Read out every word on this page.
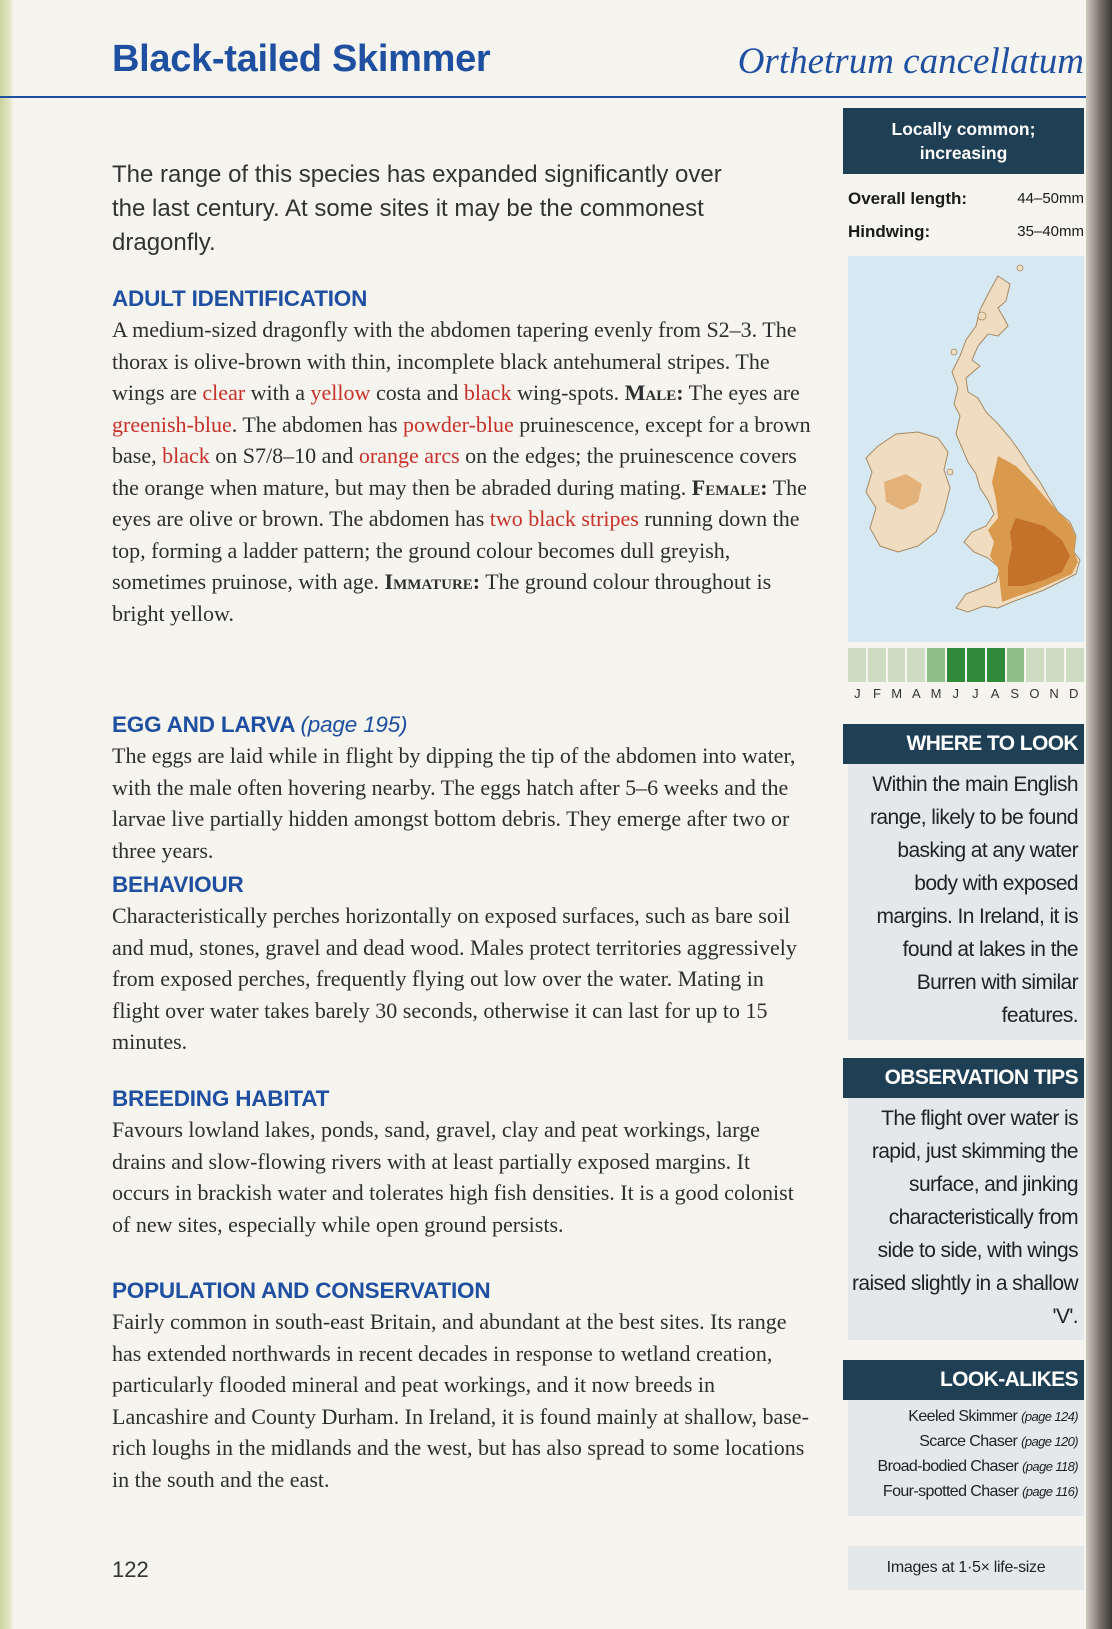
Black-tailed Skimmer	Orthetrum cancellatum

The range of this species has expanded significantly over the last century. At some sites it may be the commonest dragonfly.

ADULT IDENTIFICATION

A medium-sized dragonfly with the abdomen tapering evenly from S2–3. The thorax is olive-brown with thin, incomplete black antehumeral stripes. The wings are clear with a yellow costa and black wing-spots. Male: The eyes are greenish-blue. The abdomen has powder-blue pruinescence, except for a brown base, black on S7/8–10 and orange arcs on the edges; the pruinescence covers the orange when mature, but may then be abraded during mating. Female: The eyes are olive or brown. The abdomen has two black stripes running down the top, forming a ladder pattern; the ground colour becomes dull greyish, sometimes pruinose, with age. Immature: The ground colour throughout is bright yellow.

EGG AND LARVA (page 195)

The eggs are laid while in flight by dipping the tip of the abdomen into water, with the male often hovering nearby. The eggs hatch after 5–6 weeks and the larvae live partially hidden amongst bottom debris. They emerge after two or three years.

BEHAVIOUR

Characteristically perches horizontally on exposed surfaces, such as bare soil and mud, stones, gravel and dead wood. Males protect territories aggressively from exposed perches, frequently flying out low over the water. Mating in flight over water takes barely 30 seconds, otherwise it can last for up to 15 minutes.

BREEDING HABITAT

Favours lowland lakes, ponds, sand, gravel, clay and peat workings, large drains and slow-flowing rivers with at least partially exposed margins. It occurs in brackish water and tolerates high fish densities. It is a good colonist of new sites, especially while open ground persists.

POPULATION AND CONSERVATION

Fairly common in south-east Britain, and abundant at the best sites. Its range has extended northwards in recent decades in response to wetland creation, particularly flooded mineral and peat workings, and it now breeds in Lancashire and County Durham. In Ireland, it is found mainly at shallow, base-rich loughs in the midlands and the west, but has also spread to some locations in the south and the east.

122
Locally common;
increasing
Overall length:	44–50mm
Hindwing:	35–40mm
J F M A M J J A S O N D
WHERE TO LOOK
Within the main English range, likely to be found basking at any water body with exposed margins. In Ireland, it is found at lakes in the Burren with similar features.
OBSERVATION TIPS
The flight over water is rapid, just skimming the surface, and jinking characteristically from side to side, with wings raised slightly in a shallow 'V'.
LOOK-ALIKES
Keeled Skimmer (page 124)
Scarce Chaser (page 120)
Broad-bodied Chaser (page 118)
Four-spotted Chaser (page 116)
Images at 1·5× life-size
